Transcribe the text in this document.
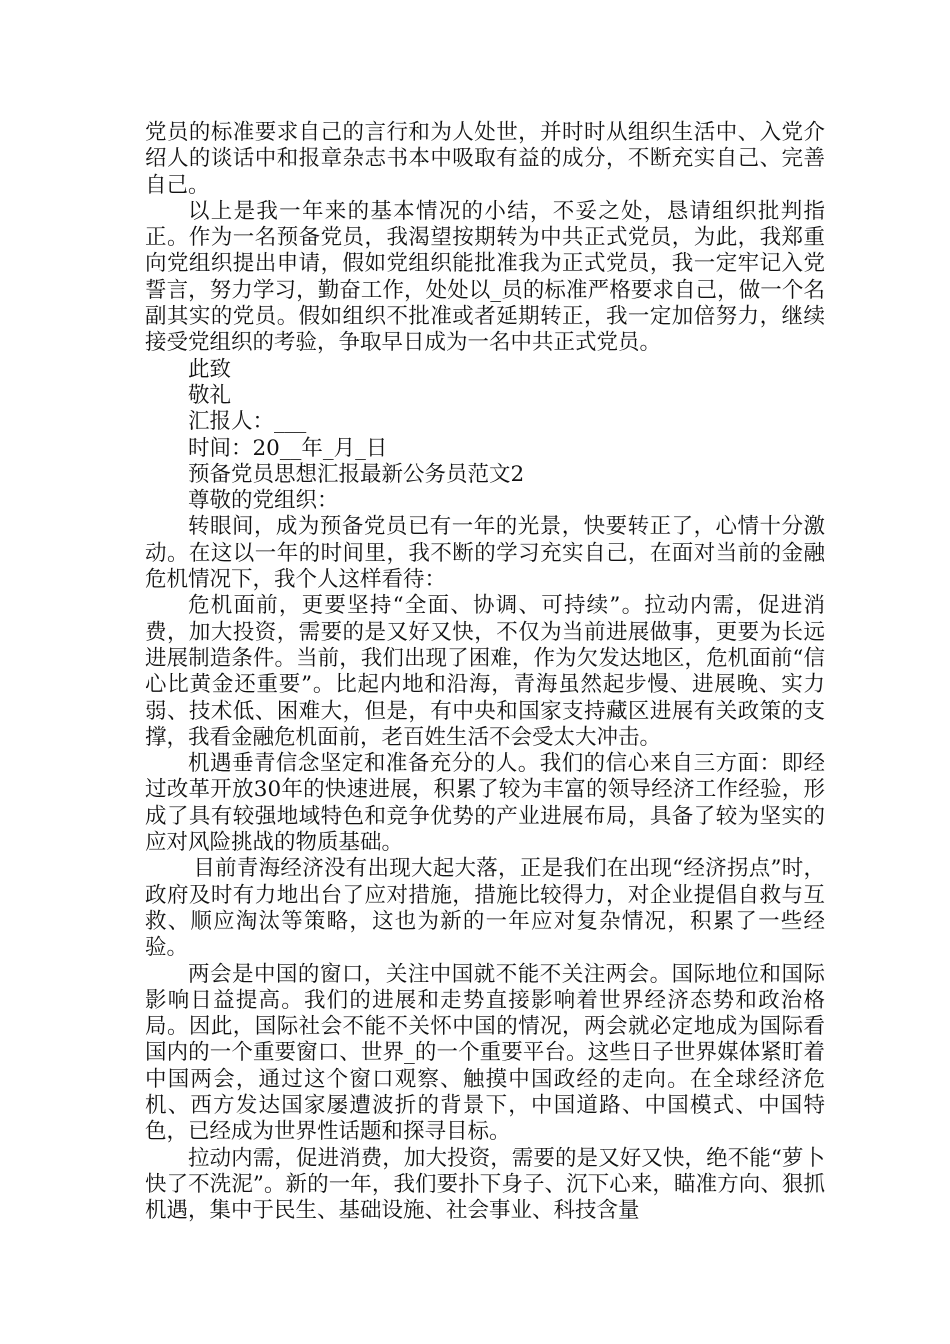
党员的标准要求自己的言行和为人处世，并时时从组织生活中、入党介绍人的谈话中和报章杂志书本中吸取有益的成分，不断充实自己、完善自己。

以上是我一年来的基本情况的小结，不妥之处，恳请组织批判指正。作为一名预备党员，我渴望按期转为中共正式党员，为此，我郑重向党组织提出申请，假如党组织能批准我为正式党员，我一定牢记入党誓言，努力学习，勤奋工作，处处以_员的标准严格要求自己，做一个名副其实的党员。假如组织不批准或者延期转正，我一定加倍努力，继续接受党组织的考验，争取早日成为一名中共正式党员。

此致

敬礼

汇报人：___

时间：20__年_月_日

预备党员思想汇报最新公务员范文2

尊敬的党组织：

转眼间，成为预备党员已有一年的光景，快要转正了，心情十分激动。在这以一年的时间里，我不断的学习充实自己，在面对当前的金融危机情况下，我个人这样看待：

危机面前，更要坚持“全面、协调、可持续”。拉动内需，促进消费，加大投资，需要的是又好又快，不仅为当前进展做事，更要为长远进展制造条件。当前，我们出现了困难，作为欠发达地区，危机面前“信心比黄金还重要”。比起内地和沿海，青海虽然起步慢、进展晚、实力弱、技术低、困难大，但是，有中央和国家支持藏区进展有关政策的支撑，我看金融危机面前，老百姓生活不会受太大冲击。

机遇垂青信念坚定和准备充分的人。我们的信心来自三方面：即经过改革开放30年的快速进展，积累了较为丰富的领导经济工作经验，形成了具有较强地域特色和竞争优势的产业进展布局，具备了较为坚实的应对风险挑战的物质基础。

目前青海经济没有出现大起大落，正是我们在出现“经济拐点”时，政府及时有力地出台了应对措施，措施比较得力，对企业提倡自救与互救、顺应淘汰等策略，这也为新的一年应对复杂情况，积累了一些经验。

两会是中国的窗口，关注中国就不能不关注两会。国际地位和国际影响日益提高。我们的进展和走势直接影响着世界经济态势和政治格局。因此，国际社会不能不关怀中国的情况，两会就必定地成为国际看国内的一个重要窗口、世界_的一个重要平台。这些日子世界媒体紧盯着中国两会，通过这个窗口观察、触摸中国政经的走向。在全球经济危机、西方发达国家屡遭波折的背景下，中国道路、中国模式、中国特色，已经成为世界性话题和探寻目标。

拉动内需，促进消费，加大投资，需要的是又好又快，绝不能“萝卜快了不洗泥”。新的一年，我们要扑下身子、沉下心来，瞄准方向、狠抓机遇，集中于民生、基础设施、社会事业、科技含量
